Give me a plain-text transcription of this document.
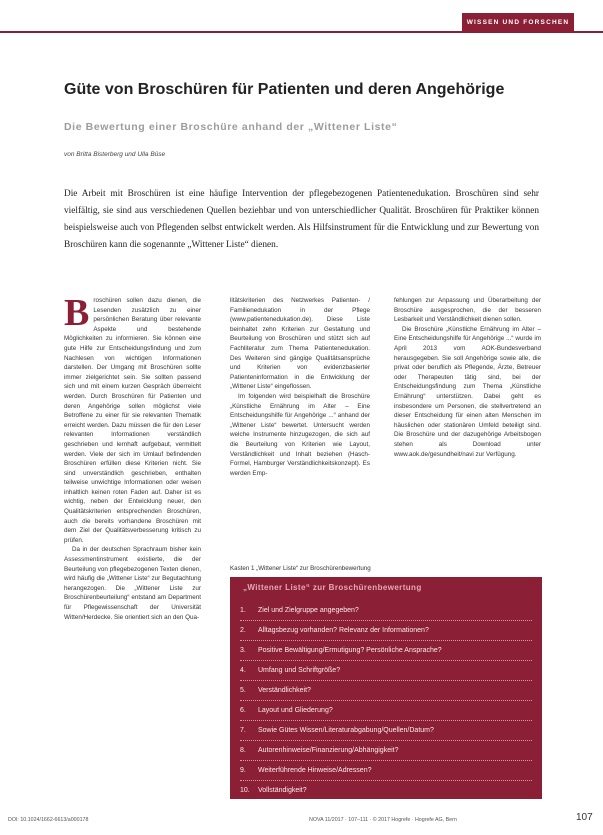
WISSEN UND FORSCHEN
Güte von Broschüren für Patienten und deren Angehörige
Die Bewertung einer Broschüre anhand der „Wittener Liste“
von Britta Bisterberg und Ulla Büse
Die Arbeit mit Broschüren ist eine häufige Intervention der pflegebezogenen Patientenedukation. Broschüren sind sehr vielfältig, sie sind aus verschiedenen Quellen beziehbar und von unterschiedlicher Qualität. Broschüren für Praktiker können beispielsweise auch von Pflegenden selbst entwickelt werden. Als Hilfsinstrument für die Entwicklung und zur Bewertung von Broschüren kann die sogenannte „Wittener Liste“ dienen.
B roschüren sollen dazu dienen, die Lesenden zusätzlich zu einer persönlichen Beratung über relevante Aspekte und bestehende Möglichkeiten zu informieren. Sie können eine gute Hilfe zur Entscheidungsfindung und zum Nachlesen von wichtigen Informationen darstellen. Der Umgang mit Broschüren sollte immer zielgerichtet sein. Sie sollten passend sich und mit einem kurzen Gespräch überreicht werden. Durch Broschüren für Patienten und deren Angehörige sollen möglichst viele Betroffene zu einer für sie relevanten Thematik erreicht werden. Dazu müssen die für den Leser relevanten Informationen verständlich geschrieben und lernhaft aufgebaut, vermittelt werden. Viele der sich im Umlauf befindenden Broschüren erfüllen diese Kriterien nicht. Sie sind unverständlich geschrieben, enthalten teilweise unwichtige Informationen oder weisen inhaltlich keinen roten Faden auf. Daher ist es wichtig, neben der Entwicklung neuer, den Qualitätskriterien entsprechenden Broschüren, auch die bereits vorhandene Broschüren mit dem Ziel der Qualitätsverbesserung kritisch zu prüfen.

Da in der deutschen Sprachraum bisher kein Assessmentinstrument existierte, die der Beurteilung von pflegebezogenen Texten dienen, wird häufig die „Wittener Liste“ zur Begutachtung herangezogen. Die „Wittener Liste zur Broschürenbeurteilung“ entstand am Department für Pflegewissenschaft der Universität Witten/Herdecke. Sie orientiert sich an den Qua-

litätskriterien des Netzwerkes Patienten- / Familienedukation in der Pflege (www.patientenedukation.de). Diese Liste beinhaltet zehn Kriterien zur Gestaltung und Beurteilung von Broschüren und stützt sich auf Fachliteratur zum Thema Patientenedukation. Des Weiteren sind gängige Qualitätsansprüche und Kriterien von evidenzbasierter Patienteninformation in die Entwicklung der „Wittener Liste“ eingeflossen.

Im folgenden wird beispielhaft die Broschüre „Künstliche Ernährung im Alter – Eine Entscheidungshilfe für Angehörige ...“ anhand der „Wittener Liste“ bewertet. Untersucht werden welche Instrumente hinzugezogen, die sich auf die Beurteilung von Kriterien wie Layout, Verständlichkeit und Inhalt beziehen (Hasch-Formel, Hamburger Verständlichkeitskonzept). Es werden Emp-

fehlungen zur Anpassung und Überarbeitung der Broschüre ausgesprochen, die der besseren Lesbarkeit und Verständlichkeit dienen sollen.

Die Broschüre „Künstliche Ernährung im Alter – Eine Entscheidungshilfe für Angehörige ...“ wurde im April 2013 vom AOK-Bundesverband herausgegeben. Sie soll Angehörige sowie alle, die privat oder beruflich als Pflegende, Ärzte, Betreuer oder Therapeuten tätig sind, bei der Entscheidungsfindung zum Thema „Künstliche Ernährung“ unterstützen. Dabei geht es insbesondere um Personen, die stellvertretend an dieser Entscheidung für einen alten Menschen im häuslichen oder stationären Umfeld beteiligt sind. Die Broschüre und der dazugehörige Arbeitsbogen stehen als Download unter www.aok.de/gesundheit/navi zur Verfügung.

Kasten 1 „Wittener Liste“ zur Broschürenbewertung
„Wittener Liste“ zur Broschürenbewertung
1.	Ziel und Zielgruppe angegeben?
2.	Alltagsbezug vorhanden? Relevanz der Informationen?
3.	Positive Bewältigung/Ermutigung? Persönliche Ansprache?
4.	Umfang und Schriftgröße?
5.	Verständlichkeit?
6.	Layout und Gliederung?
7.	Sowie Gütes Wissen/Literaturabgabung/Quellen/Datum?
8.	Autorenhinweise/Finanzierung/Abhängigkeit?
9.	Weiterführende Hinweise/Adressen?
10.	Vollständigkeit?
DOI: 10.1024/1662-6613/a000178	NOVA 11/2017 · 107–111 · © 2017 Hogrefe · Hogrefe AG, Bern	107
